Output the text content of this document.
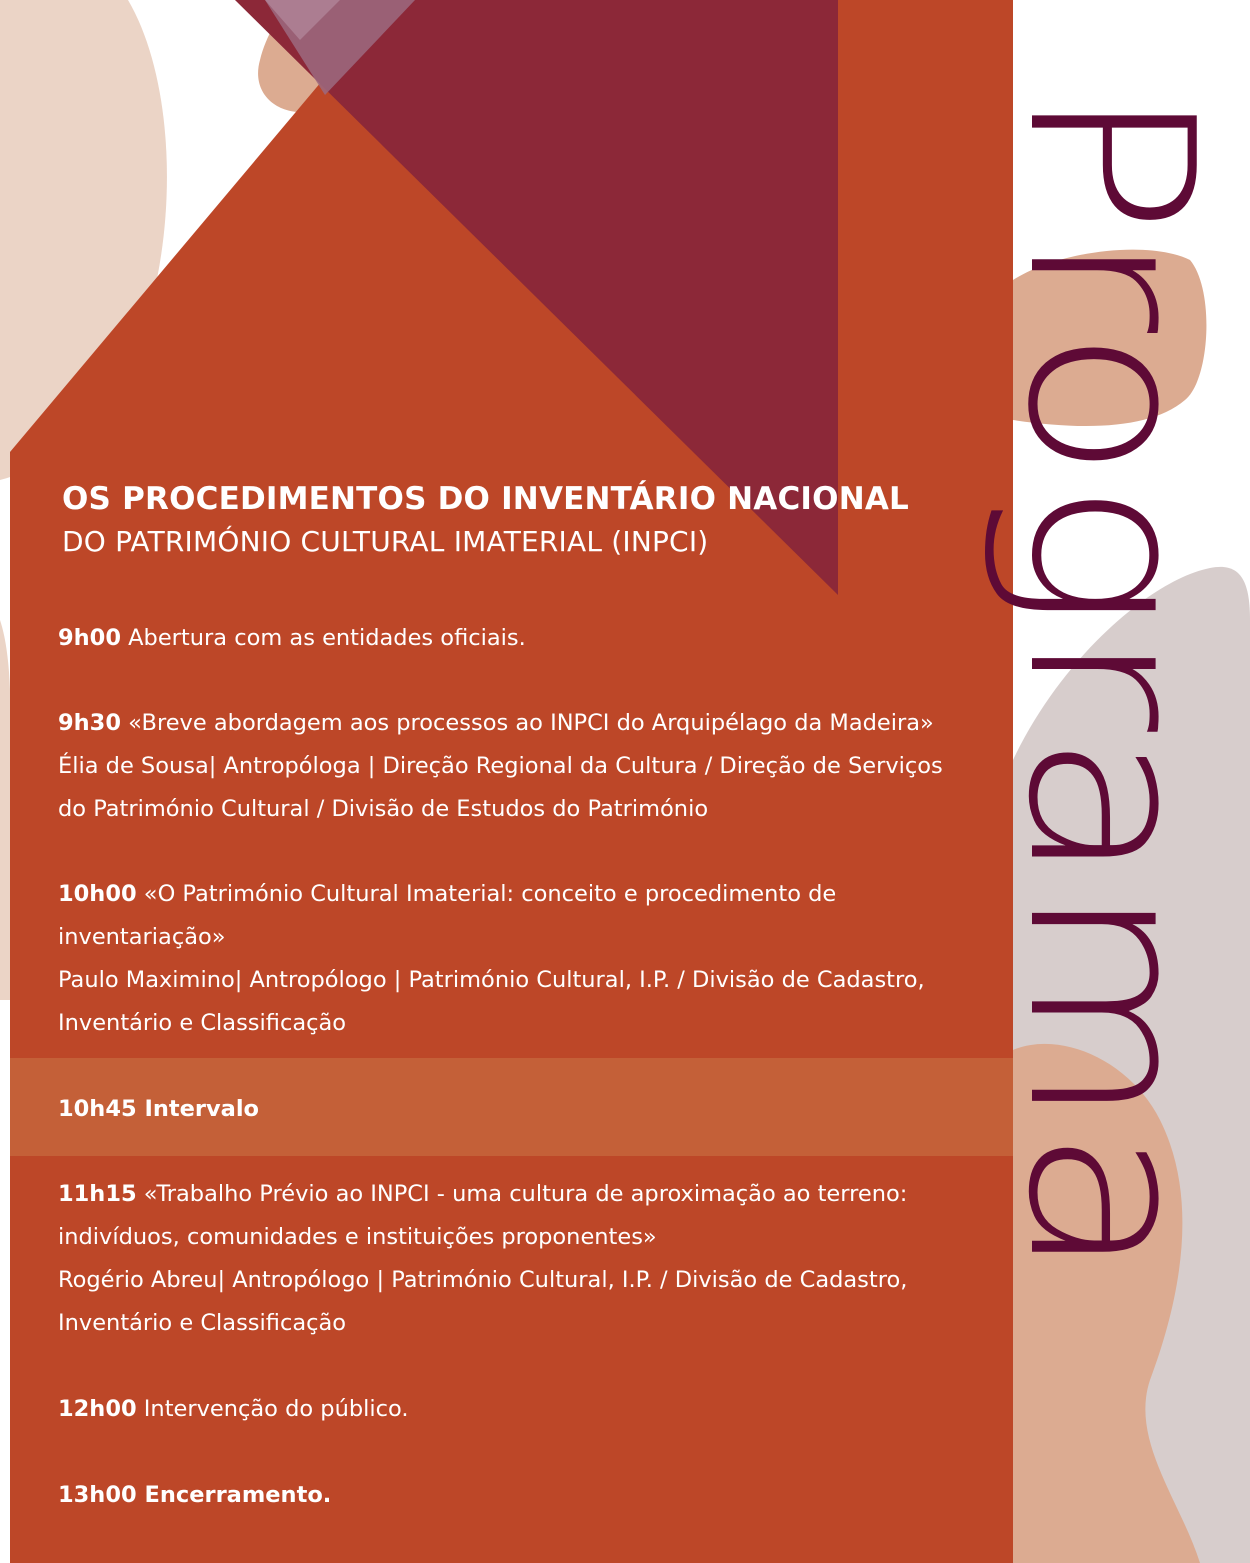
Programa
OS PROCEDIMENTOS DO INVENTÁRIO NACIONAL
DO PATRIMÓNIO CULTURAL IMATERIAL (INPCI)

9h00 Abertura com as entidades oficiais.

9h30 «Breve abordagem aos processos ao INPCI do Arquipélago da Madeira»

Élia de Sousa| Antropóloga | Direção Regional da Cultura / Direção de Serviços

do Património Cultural / Divisão de Estudos do Património

10h00 «O Património Cultural Imaterial: conceito e procedimento de

inventariação»

Paulo Maximino| Antropólogo | Património Cultural, I.P. / Divisão de Cadastro,

Inventário e Classificação

10h45 Intervalo

11h15 «Trabalho Prévio ao INPCI - uma cultura de aproximação ao terreno:

indivíduos, comunidades e instituições proponentes»

Rogério Abreu| Antropólogo | Património Cultural, I.P. / Divisão de Cadastro,

Inventário e Classificação

12h00 Intervenção do público.

13h00 Encerramento.
